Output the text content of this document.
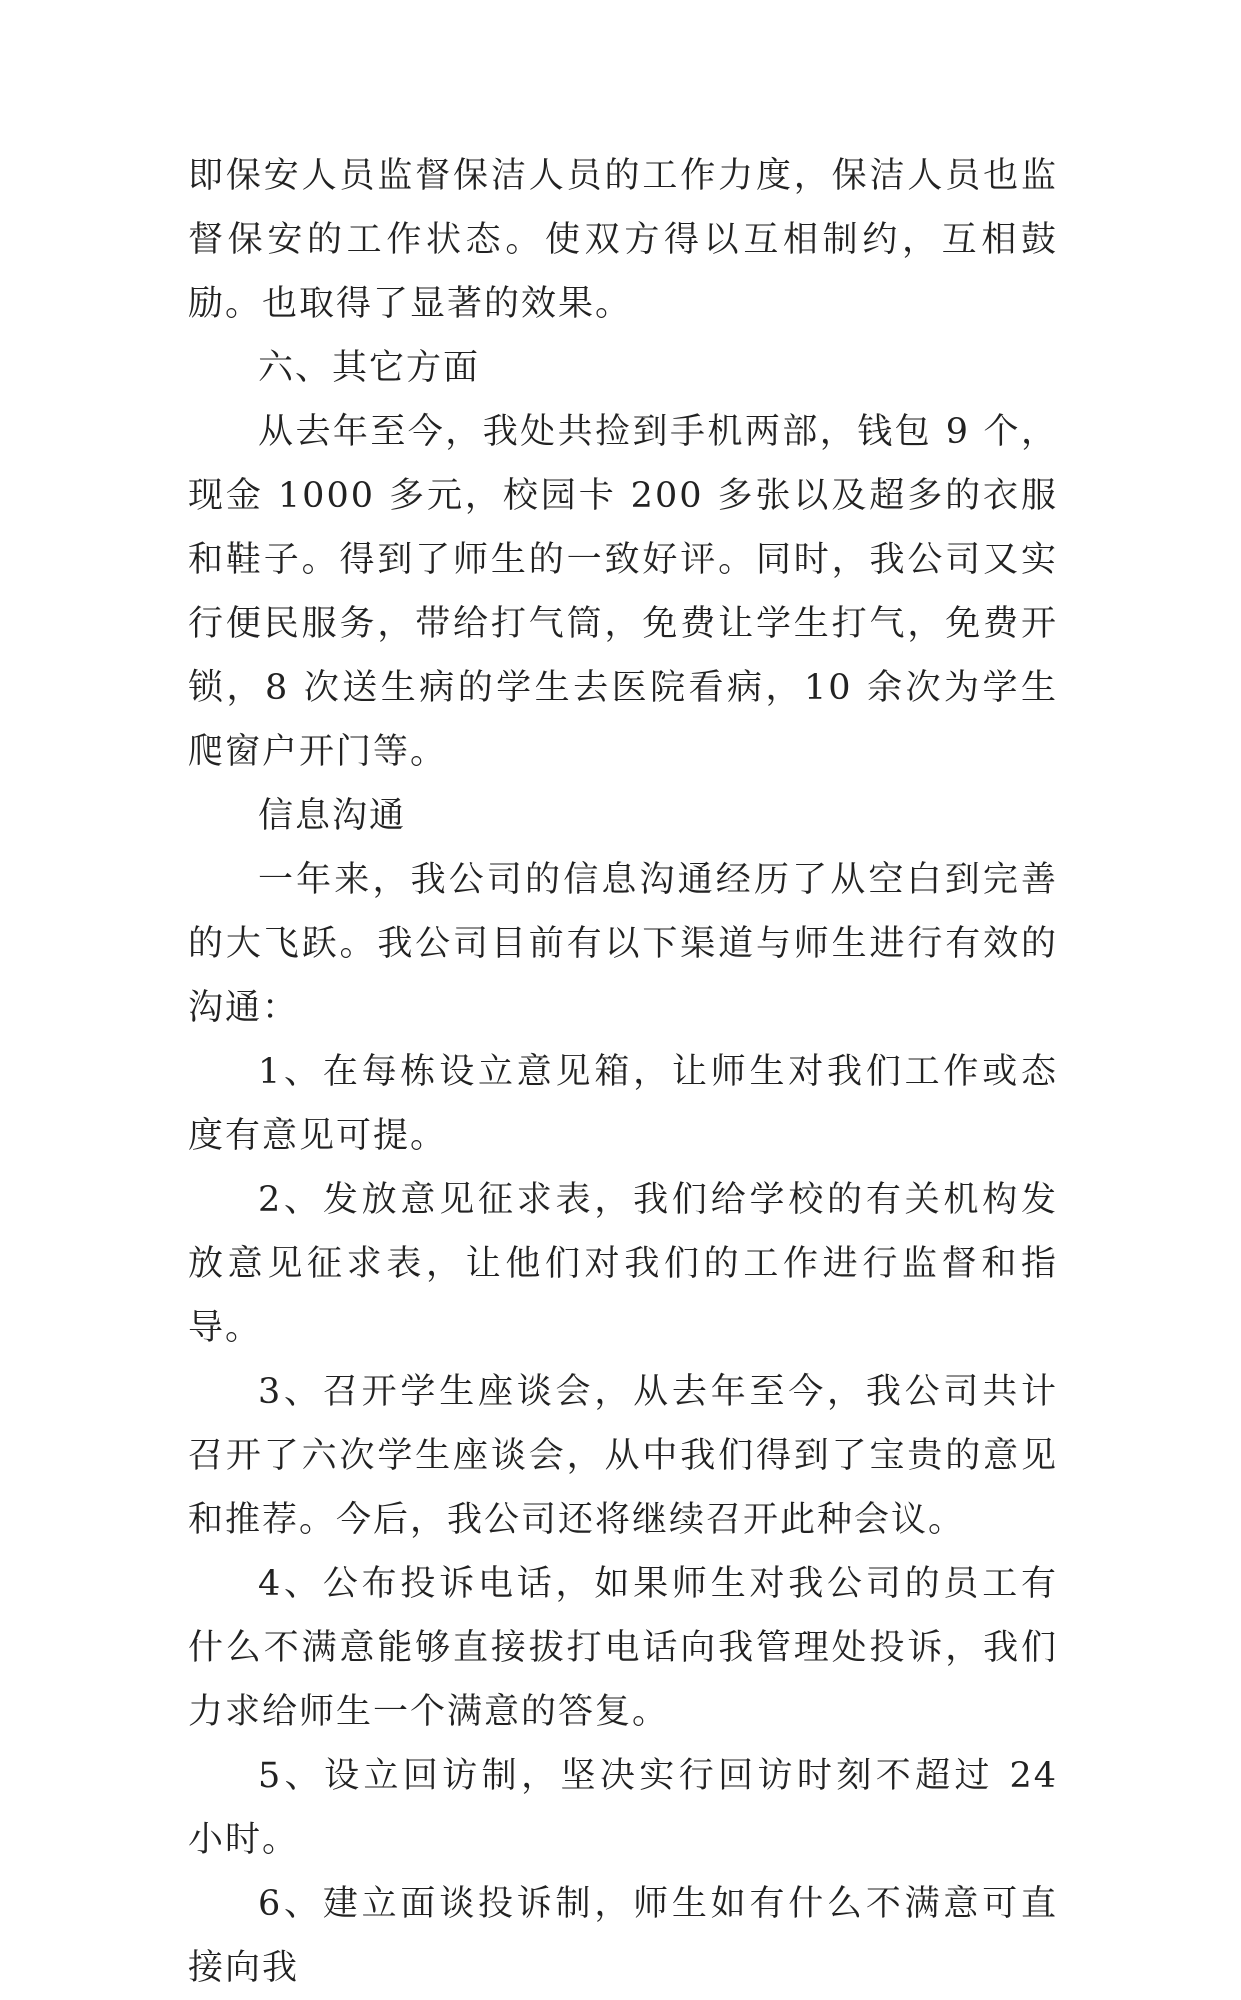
即保安人员监督保洁人员的工作力度，保洁人员也监督保安的工作状态。使双方得以互相制约，互相鼓励。也取得了显著的效果。

六、其它方面

从去年至今，我处共捡到手机两部，钱包 9 个，现金 1000 多元，校园卡 200 多张以及超多的衣服和鞋子。得到了师生的一致好评。同时，我公司又实行便民服务，带给打气筒，免费让学生打气，免费开锁，8 次送生病的学生去医院看病，10 余次为学生爬窗户开门等。

信息沟通

一年来，我公司的信息沟通经历了从空白到完善的大飞跃。我公司目前有以下渠道与师生进行有效的沟通：

1、在每栋设立意见箱，让师生对我们工作或态度有意见可提。

2、发放意见征求表，我们给学校的有关机构发放意见征求表，让他们对我们的工作进行监督和指导。

3、召开学生座谈会，从去年至今，我公司共计召开了六次学生座谈会，从中我们得到了宝贵的意见和推荐。今后，我公司还将继续召开此种会议。

4、公布投诉电话，如果师生对我公司的员工有什么不满意能够直接拔打电话向我管理处投诉，我们力求给师生一个满意的答复。

5、设立回访制，坚决实行回访时刻不超过 24 小时。

6、建立面谈投诉制，师生如有什么不满意可直接向我
